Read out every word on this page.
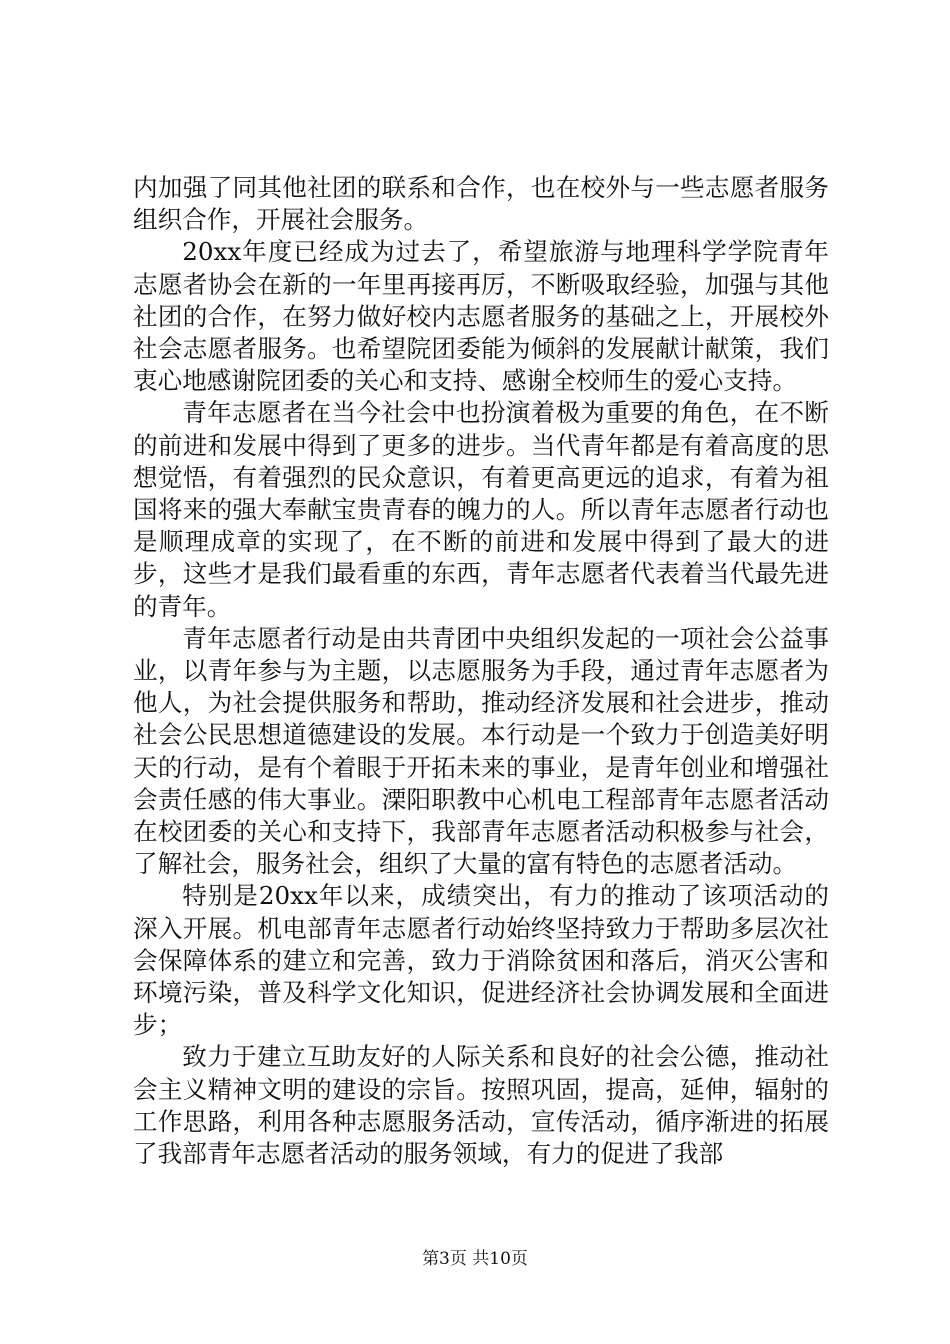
内加强了同其他社团的联系和合作，也在校外与一些志愿者服务组织合作，开展社会服务。

20xx年度已经成为过去了，希望旅游与地理科学学院青年志愿者协会在新的一年里再接再厉，不断吸取经验，加强与其他社团的合作，在努力做好校内志愿者服务的基础之上，开展校外社会志愿者服务。也希望院团委能为倾斜的发展献计献策，我们衷心地感谢院团委的关心和支持、感谢全校师生的爱心支持。

青年志愿者在当今社会中也扮演着极为重要的角色，在不断的前进和发展中得到了更多的进步。当代青年都是有着高度的思想觉悟，有着强烈的民众意识，有着更高更远的追求，有着为祖国将来的强大奉献宝贵青春的魄力的人。所以青年志愿者行动也是顺理成章的实现了，在不断的前进和发展中得到了最大的进步，这些才是我们最看重的东西，青年志愿者代表着当代最先进的青年。

青年志愿者行动是由共青团中央组织发起的一项社会公益事业，以青年参与为主题，以志愿服务为手段，通过青年志愿者为他人，为社会提供服务和帮助，推动经济发展和社会进步，推动社会公民思想道德建设的发展。本行动是一个致力于创造美好明天的行动，是有个着眼于开拓未来的事业，是青年创业和增强社会责任感的伟大事业。溧阳职教中心机电工程部青年志愿者活动在校团委的关心和支持下，我部青年志愿者活动积极参与社会，了解社会，服务社会，组织了大量的富有特色的志愿者活动。

特别是20xx年以来，成绩突出，有力的推动了该项活动的深入开展。机电部青年志愿者行动始终坚持致力于帮助多层次社会保障体系的建立和完善，致力于消除贫困和落后，消灭公害和环境污染，普及科学文化知识，促进经济社会协调发展和全面进步；

致力于建立互助友好的人际关系和良好的社会公德，推动社会主义精神文明的建设的宗旨。按照巩固，提高，延伸，辐射的工作思路，利用各种志愿服务活动，宣传活动，循序渐进的拓展了我部青年志愿者活动的服务领域，有力的促进了我部

第3页 共10页
